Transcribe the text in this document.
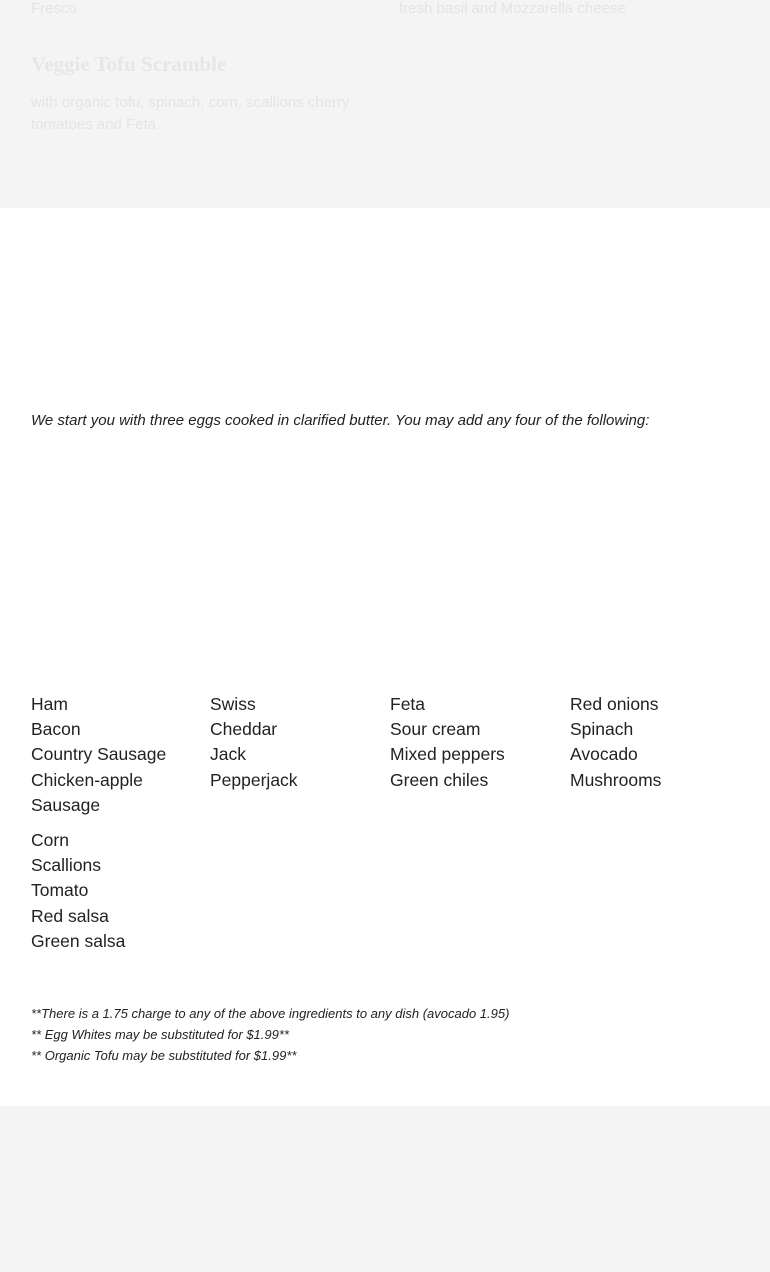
Fresco	fresh basil and Mozzarella cheese
Veggie Tofu Scramble
with organic tofu, spinach, corn, scallions cherry tomatoes and Feta
We start you with three eggs cooked in clarified butter. You may add any four of the following:
Ham
Bacon
Country Sausage
Chicken-apple Sausage
Corn
Scallions
Tomato
Red salsa
Green salsa
Swiss
Cheddar
Jack
Pepperjack
Feta
Sour cream
Mixed peppers
Green chiles
Red onions
Spinach
Avocado
Mushrooms
**There is a 1.75 charge to any of the above ingredients to any dish (avocado 1.95)
** Egg Whites may be substituted for $1.99**
** Organic Tofu may be substituted for $1.99**
